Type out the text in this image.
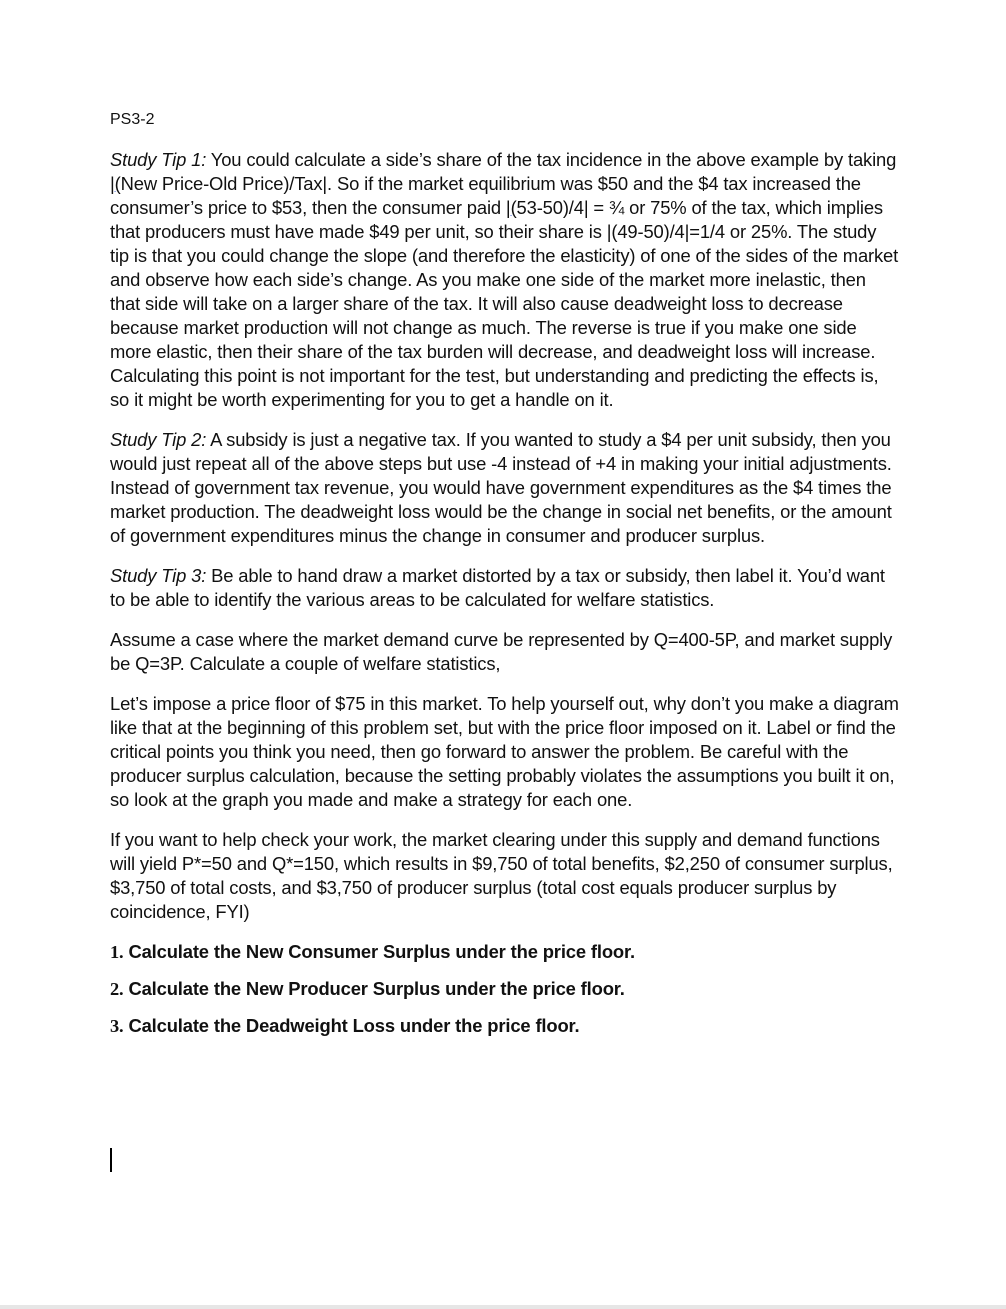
PS3-2

Study Tip 1: You could calculate a side’s share of the tax incidence in the above example by taking |(New Price-Old Price)/Tax|. So if the market equilibrium was $50 and the $4 tax increased the consumer’s price to $53, then the consumer paid |(53-50)/4| = ¾ or 75% of the tax, which implies that producers must have made $49 per unit, so their share is |(49-50)/4|=1/4 or 25%. The study tip is that you could change the slope (and therefore the elasticity) of one of the sides of the market and observe how each side’s change. As you make one side of the market more inelastic, then that side will take on a larger share of the tax. It will also cause deadweight loss to decrease because market production will not change as much. The reverse is true if you make one side more elastic, then their share of the tax burden will decrease, and deadweight loss will increase. Calculating this point is not important for the test, but understanding and predicting the effects is, so it might be worth experimenting for you to get a handle on it.

Study Tip 2: A subsidy is just a negative tax. If you wanted to study a $4 per unit subsidy, then you would just repeat all of the above steps but use -4 instead of +4 in making your initial adjustments. Instead of government tax revenue, you would have government expenditures as the $4 times the market production. The deadweight loss would be the change in social net benefits, or the amount of government expenditures minus the change in consumer and producer surplus.

Study Tip 3: Be able to hand draw a market distorted by a tax or subsidy, then label it. You’d want to be able to identify the various areas to be calculated for welfare statistics.

Assume a case where the market demand curve be represented by Q=400-5P, and market supply be Q=3P. Calculate a couple of welfare statistics,

Let’s impose a price floor of $75 in this market. To help yourself out, why don’t you make a diagram like that at the beginning of this problem set, but with the price floor imposed on it. Label or find the critical points you think you need, then go forward to answer the problem. Be careful with the producer surplus calculation, because the setting probably violates the assumptions you built it on, so look at the graph you made and make a strategy for each one.

If you want to help check your work, the market clearing under this supply and demand functions will yield P*=50 and Q*=150, which results in $9,750 of total benefits, $2,250 of consumer surplus, $3,750 of total costs, and $3,750 of producer surplus (total cost equals producer surplus by coincidence, FYI)

1. Calculate the New Consumer Surplus under the price floor.
2. Calculate the New Producer Surplus under the price floor.
3. Calculate the Deadweight Loss under the price floor.
